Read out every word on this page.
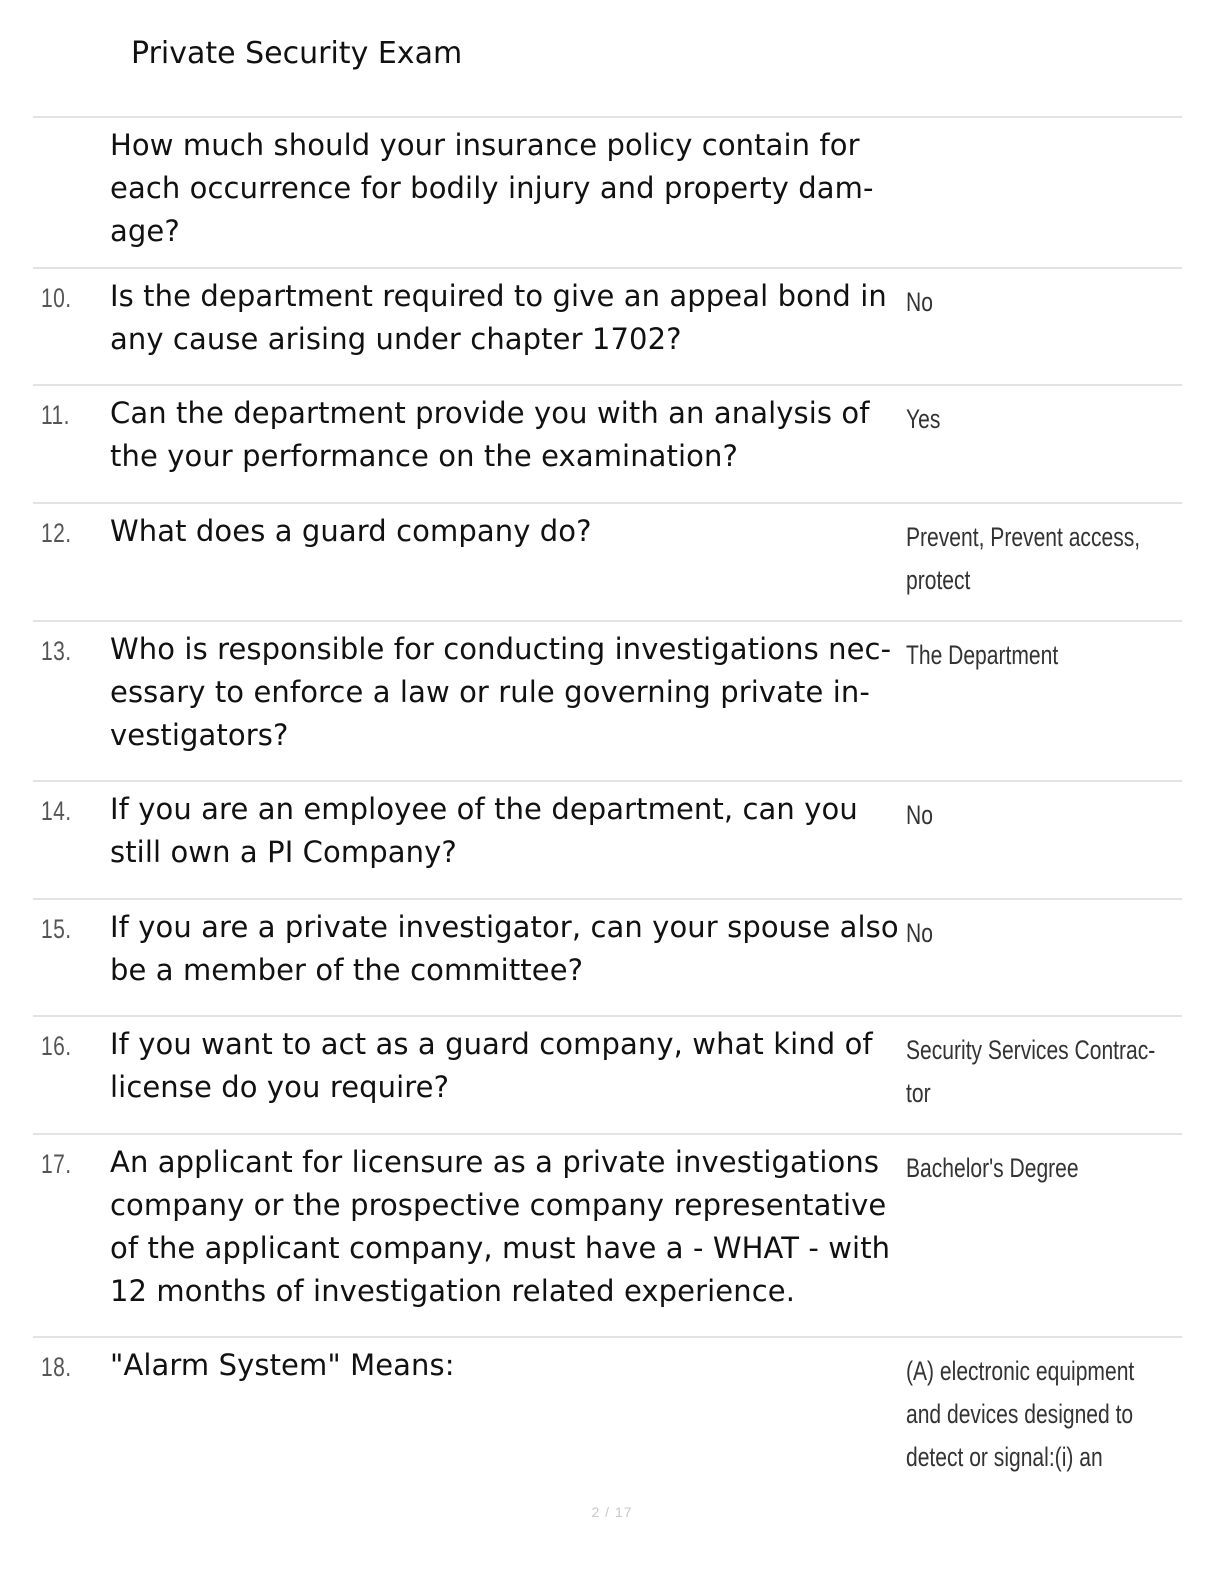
Private Security Exam
How much should your insurance policy contain for
each occurrence for bodily injury and property dam-
age?
10. Is the department required to give an appeal bond in any cause arising under chapter 1702?
No
11. Can the department provide you with an analysis of the your performance on the examination?
Yes
12. What does a guard company do?	Prevent, Prevent access, protect
13. Who is responsible for conducting investigations nec-essary to enforce a law or rule governing private in-vestigators?
The Department
14. If you are an employee of the department, can you still own a PI Company?
No
15. If you are a private investigator, can your spouse also be a member of the committee?
No
16. If you want to act as a guard company, what kind of license do you require?
Security Services Contrac-tor
17. An applicant for licensure as a private investigations company or the prospective company representative of the applicant company, must have a - WHAT - with 12 months of investigation related experience.
Bachelor's Degree
18. "Alarm System" Means:	(A) electronic equipment and devices designed to detect or signal:(i) an
2 / 17
